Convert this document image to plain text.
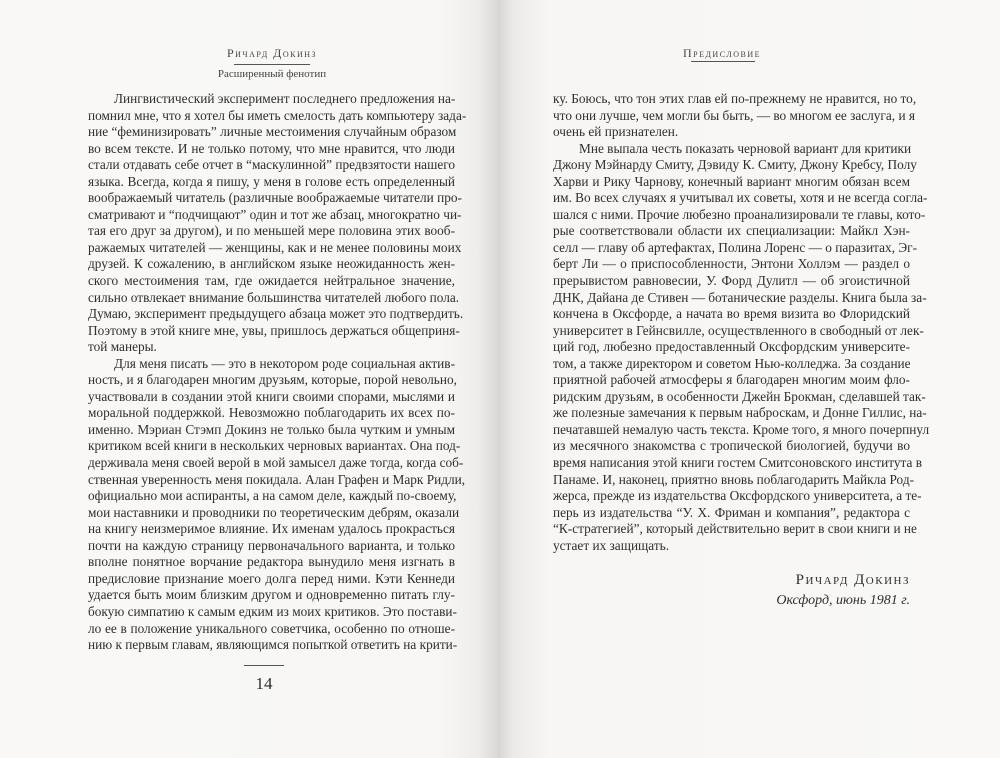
Ричард Докинз
Расширенный фенотип
Лингвистический эксперимент последнего предложения на-
помнил мне, что я хотел бы иметь смелость дать компьютеру зада-
ние “феминизировать” личные местоимения случайным образом
во всем тексте. И не только потому, что мне нравится, что люди
стали отдавать себе отчет в “маскулинной” предвзятости нашего
языка. Всегда, когда я пишу, у меня в голове есть определенный
воображаемый читатель (различные воображаемые читатели про-
сматривают и “подчищают” один и тот же абзац, многократно чи-
тая его друг за другом), и по меньшей мере половина этих вооб-
ражаемых читателей — женщины, как и не менее половины моих
друзей. К сожалению, в английском языке неожиданность жен-
ского местоимения там, где ожидается нейтральное значение,
сильно отвлекает внимание большинства читателей любого пола.
Думаю, эксперимент предыдущего абзаца может это подтвердить.
Поэтому в этой книге мне, увы, пришлось держаться общеприня-
той манеры.
Для меня писать — это в некотором роде социальная актив-
ность, и я благодарен многим друзьям, которые, порой невольно,
участвовали в создании этой книги своими спорами, мыслями и
моральной поддержкой. Невозможно поблагодарить их всех по-
именно. Мэриан Стэмп Докинз не только была чутким и умным
критиком всей книги в нескольких черновых вариантах. Она под-
держивала меня своей верой в мой замысел даже тогда, когда соб-
ственная уверенность меня покидала. Алан Графен и Марк Ридли,
официально мои аспиранты, а на самом деле, каждый по-своему,
мои наставники и проводники по теоретическим дебрям, оказали
на книгу неизмеримое влияние. Их именам удалось прокрасться
почти на каждую страницу первоначального варианта, и только
вполне понятное ворчание редактора вынудило меня изгнать в
предисловие признание моего долга перед ними. Кэти Кеннеди
удается быть моим близким другом и одновременно питать глу-
бокую симпатию к самым едким из моих критиков. Это постави-
ло ее в положение уникального советчика, особенно по отноше-
нию к первым главам, являющимся попыткой ответить на крити-
14
Предисловие
ку. Боюсь, что тон этих глав ей по-прежнему не нравится, но то,
что они лучше, чем могли бы быть, — во многом ее заслуга, и я
очень ей признателен.
Мне выпала честь показать черновой вариант для критики
Джону Мэйнарду Смиту, Дэвиду К. Смиту, Джону Кребсу, Полу
Харви и Рику Чарнову, конечный вариант многим обязан всем
им. Во всех случаях я учитывал их советы, хотя и не всегда согла-
шался с ними. Прочие любезно проанализировали те главы, кото-
рые соответствовали области их специализации: Майкл Хэн-
селл — главу об артефактах, Полина Лоренс — о паразитах, Эг-
берт Ли — о приспособленности, Энтони Холлэм — раздел о
прерывистом равновесии, У. Форд Дулитл — об эгоистичной
ДНК, Дайана де Стивен — ботанические разделы. Книга была за-
кончена в Оксфорде, а начата во время визита во Флоридский
университет в Гейнсвилле, осуществленного в свободный от лек-
ций год, любезно предоставленный Оксфордским университе-
том, а также директором и советом Нью-колледжа. За создание
приятной рабочей атмосферы я благодарен многим моим фло-
ридским друзьям, в особенности Джейн Брокман, сделавшей так-
же полезные замечания к первым наброскам, и Донне Гиллис, на-
печатавшей немалую часть текста. Кроме того, я много почерпнул
из месячного знакомства с тропической биологией, будучи во
время написания этой книги гостем Смитсоновского института в
Панаме. И, наконец, приятно вновь поблагодарить Майкла Род-
жерса, прежде из издательства Оксфордского университета, а те-
перь из издательства “У. Х. Фриман и компания”, редактора с
“К-стратегией”, который действительно верит в свои книги и не
устает их защищать.
Ричард Докинз
Оксфорд, июнь 1981 г.
